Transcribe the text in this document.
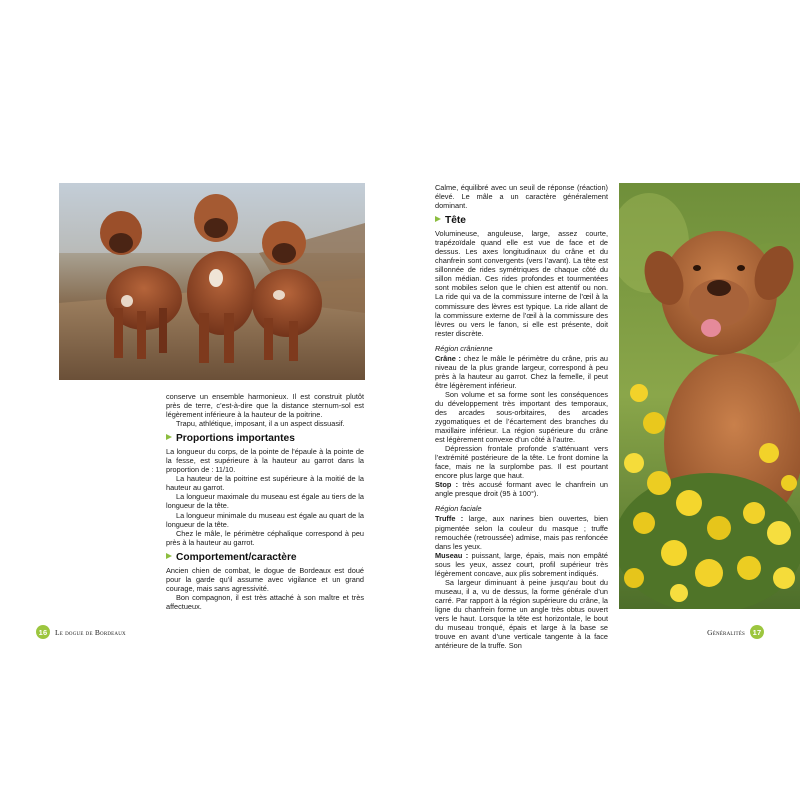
conserve un ensemble harmonieux. Il est construit plutôt près de terre, c’est-à-dire que la distance sternum-sol est légèrement inférieure à la hauteur de la poitrine.

Trapu, athlétique, imposant, il a un aspect dissuasif.

Proportions importantes

La longueur du corps, de la pointe de l’épaule à la pointe de la fesse, est supérieure à la hauteur au garrot dans la proportion de : 11/10.

La hauteur de la poitrine est supérieure à la moitié de la hauteur au garrot.

La longueur maximale du museau est égale au tiers de la longueur de la tête.

La longueur minimale du museau est égale au quart de la longueur de la tête.

Chez le mâle, le périmètre céphalique correspond à peu près à la hauteur au garrot.

Comportement/caractère

Ancien chien de combat, le dogue de Bordeaux est doué pour la garde qu’il assume avec vigilance et un grand courage, mais sans agressivité.

Bon compagnon, il est très attaché à son maître et très affectueux.

16	Le dogue de Bordeaux

Calme, équilibré avec un seuil de réponse (réaction) élevé. Le mâle a un caractère généralement dominant.

Tête

Volumineuse, anguleuse, large, assez courte, trapézoïdale quand elle est vue de face et de dessus. Les axes longitudinaux du crâne et du chanfrein sont convergents (vers l’avant). La tête est sillonnée de rides symétriques de chaque côté du sillon médian. Ces rides profondes et tourmentées sont mobiles selon que le chien est attentif ou non. La ride qui va de la commissure interne de l’œil à la commissure des lèvres est typique. La ride allant de la commissure externe de l’œil à la commissure des lèvres ou vers le fanon, si elle est présente, doit rester discrète.

Région crânienne

Crâne : chez le mâle le périmètre du crâne, pris au niveau de la plus grande largeur, correspond à peu près à la hauteur au garrot. Chez la femelle, il peut être légèrement inférieur.

Son volume et sa forme sont les conséquences du développement très important des temporaux, des arcades sous-orbitaires, des arcades zygomatiques et de l’écartement des branches du maxillaire inférieur. La région supérieure du crâne est légèrement convexe d’un côté à l’autre.

Dépression frontale profonde s’atténuant vers l’extrémité postérieure de la tête. Le front domine la face, mais ne la surplombe pas. Il est pourtant encore plus large que haut.

Stop : très accusé formant avec le chanfrein un angle presque droit (95 à 100°).

Région faciale

Truffe : large, aux narines bien ouvertes, bien pigmentée selon la couleur du masque ; truffe remouchée (retroussée) admise, mais pas renfoncée dans les yeux.

Museau : puissant, large, épais, mais non empâté sous les yeux, assez court, profil supérieur très légèrement concave, aux plis sobrement indiqués.

Sa largeur diminuant à peine jusqu’au bout du museau, il a, vu de dessus, la forme générale d’un carré. Par rapport à la région supérieure du crâne, la ligne du chanfrein forme un angle très obtus ouvert vers le haut. Lorsque la tête est horizontale, le bout du museau tronqué, épais et large à la base se trouve en avant d’une verticale tangente à la face antérieure de la truffe. Son

Généralités	17
